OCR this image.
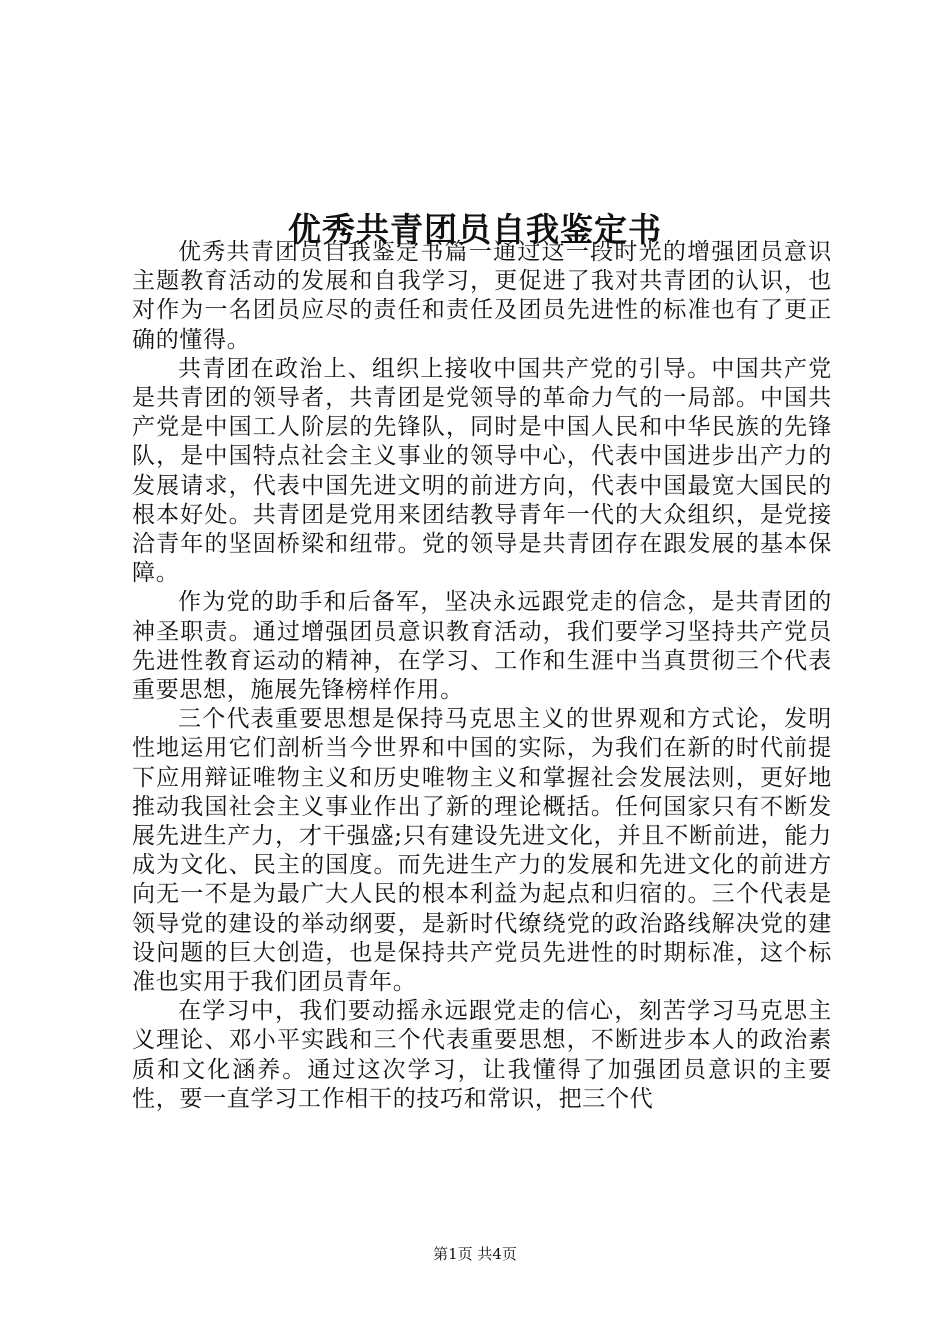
优秀共青团员自我鉴定书

优秀共青团员自我鉴定书篇一通过这一段时光的增强团员意识主题教育活动的发展和自我学习，更促进了我对共青团的认识，也对作为一名团员应尽的责任和责任及团员先进性的标准也有了更正确的懂得。

共青团在政治上、组织上接收中国共产党的引导。中国共产党是共青团的领导者，共青团是党领导的革命力气的一局部。中国共产党是中国工人阶层的先锋队，同时是中国人民和中华民族的先锋队，是中国特点社会主义事业的领导中心，代表中国进步出产力的发展请求，代表中国先进文明的前进方向，代表中国最宽大国民的根本好处。共青团是党用来团结教导青年一代的大众组织，是党接洽青年的坚固桥梁和纽带。党的领导是共青团存在跟发展的基本保障。

作为党的助手和后备军，坚决永远跟党走的信念，是共青团的神圣职责。通过增强团员意识教育活动，我们要学习坚持共产党员先进性教育运动的精神，在学习、工作和生涯中当真贯彻三个代表重要思想，施展先锋榜样作用。

三个代表重要思想是保持马克思主义的世界观和方式论，发明性地运用它们剖析当今世界和中国的实际，为我们在新的时代前提下应用辩证唯物主义和历史唯物主义和掌握社会发展法则，更好地推动我国社会主义事业作出了新的理论概括。任何国家只有不断发展先进生产力，才干强盛;只有建设先进文化，并且不断前进，能力成为文化、民主的国度。而先进生产力的发展和先进文化的前进方向无一不是为最广大人民的根本利益为起点和归宿的。三个代表是领导党的建设的举动纲要，是新时代缭绕党的政治路线解决党的建设问题的巨大创造，也是保持共产党员先进性的时期标准，这个标准也实用于我们团员青年。

在学习中，我们要动摇永远跟党走的信心，刻苦学习马克思主义理论、邓小平实践和三个代表重要思想，不断进步本人的政治素质和文化涵养。通过这次学习，让我懂得了加强团员意识的主要性，要一直学习工作相干的技巧和常识，把三个代

第1页 共4页
